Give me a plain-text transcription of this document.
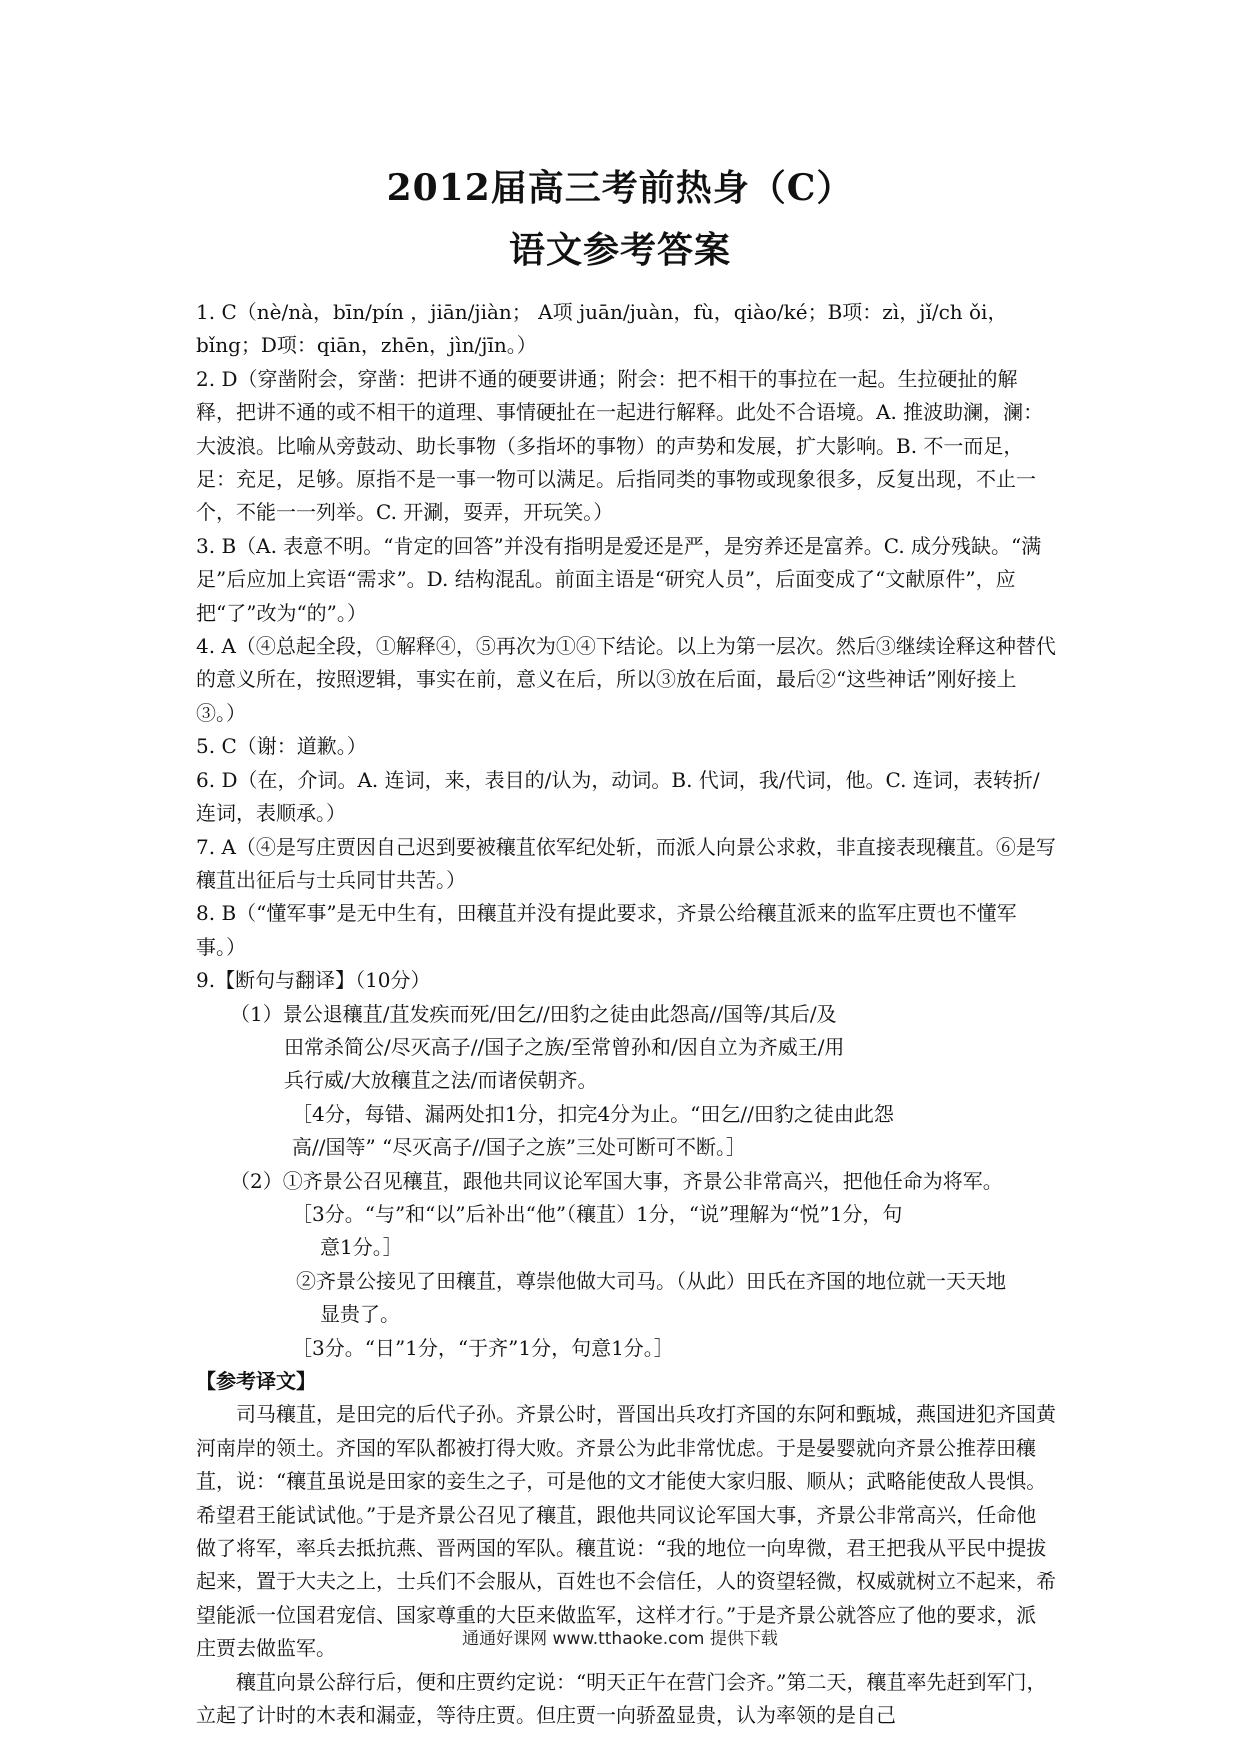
2012届高三考前热身（C）
语文参考答案

1. C（nè/nà，bīn/pín ，jiān/jiàn； A项 juān/juàn，fù，qiào/ké；B项：zì，jǐ/ch ǒi，bǐng；D项：qiān，zhēn，jìn/jīn。）

2. D（穿凿附会，穿凿：把讲不通的硬要讲通；附会：把不相干的事拉在一起。生拉硬扯的解释，把讲不通的或不相干的道理、事情硬扯在一起进行解释。此处不合语境。A. 推波助澜，澜：大波浪。比喻从旁鼓动、助长事物（多指坏的事物）的声势和发展，扩大影响。B. 不一而足，足：充足，足够。原指不是一事一物可以满足。后指同类的事物或现象很多，反复出现，不止一个，不能一一列举。C. 开涮，耍弄，开玩笑。）

3. B（A. 表意不明。“肯定的回答”并没有指明是爱还是严，是穷养还是富养。C. 成分残缺。“满足”后应加上宾语“需求”。D. 结构混乱。前面主语是“研究人员”，后面变成了“文献原件”，应把“了”改为“的”。）

4. A（④总起全段，①解释④，⑤再次为①④下结论。以上为第一层次。然后③继续诠释这种替代的意义所在，按照逻辑，事实在前，意义在后，所以③放在后面，最后②“这些神话”刚好接上③。）

5. C（谢：道歉。）

6. D（在，介词。A. 连词，来，表目的/认为，动词。B. 代词，我/代词，他。C. 连词，表转折/连词，表顺承。）

7. A（④是写庄贾因自己迟到要被穰苴依军纪处斩，而派人向景公求救，非直接表现穰苴。⑥是写穰苴出征后与士兵同甘共苦。）

8. B（“懂军事”是无中生有，田穰苴并没有提此要求，齐景公给穰苴派来的监军庄贾也不懂军事。）

9.【断句与翻译】（10分）

（1）景公退穰苴/苴发疾而死/田乞//田豹之徒由此怨高//国等/其后/及

田常杀简公/尽灭高子//国子之族/至常曾孙和/因自立为齐威王/用

兵行威/大放穰苴之法/而诸侯朝齐。

［4分，每错、漏两处扣1分，扣完4分为止。“田乞//田豹之徒由此怨

高//国等” “尽灭高子//国子之族”三处可断可不断。］

（2）①齐景公召见穰苴，跟他共同议论军国大事，齐景公非常高兴，把他任命为将军。

［3分。“与”和“以”后补出“他”（穰苴）1分，“说”理解为“悦”1分，句

意1分。］

②齐景公接见了田穰苴，尊崇他做大司马。（从此）田氏在齐国的地位就一天天地

显贵了。

［3分。“日”1分，“于齐”1分，句意1分。］

【参考译文】

司马穰苴，是田完的后代子孙。齐景公时，晋国出兵攻打齐国的东阿和甄城，燕国进犯齐国黄河南岸的领土。齐国的军队都被打得大败。齐景公为此非常忧虑。于是晏婴就向齐景公推荐田穰苴，说：“穰苴虽说是田家的妾生之子，可是他的文才能使大家归服、顺从；武略能使敌人畏惧。希望君王能试试他。”于是齐景公召见了穰苴，跟他共同议论军国大事，齐景公非常高兴，任命他做了将军，率兵去抵抗燕、晋两国的军队。穰苴说：“我的地位一向卑微，君王把我从平民中提拔起来，置于大夫之上，士兵们不会服从，百姓也不会信任，人的资望轻微，权威就树立不起来，希望能派一位国君宠信、国家尊重的大臣来做监军，这样才行。”于是齐景公就答应了他的要求，派庄贾去做监军。

穰苴向景公辞行后，便和庄贾约定说：“明天正午在营门会齐。”第二天，穰苴率先赶到军门，立起了计时的木表和漏壶，等待庄贾。但庄贾一向骄盈显贵，认为率领的是自己

通通好课网 www.tthaoke.com 提供下载
